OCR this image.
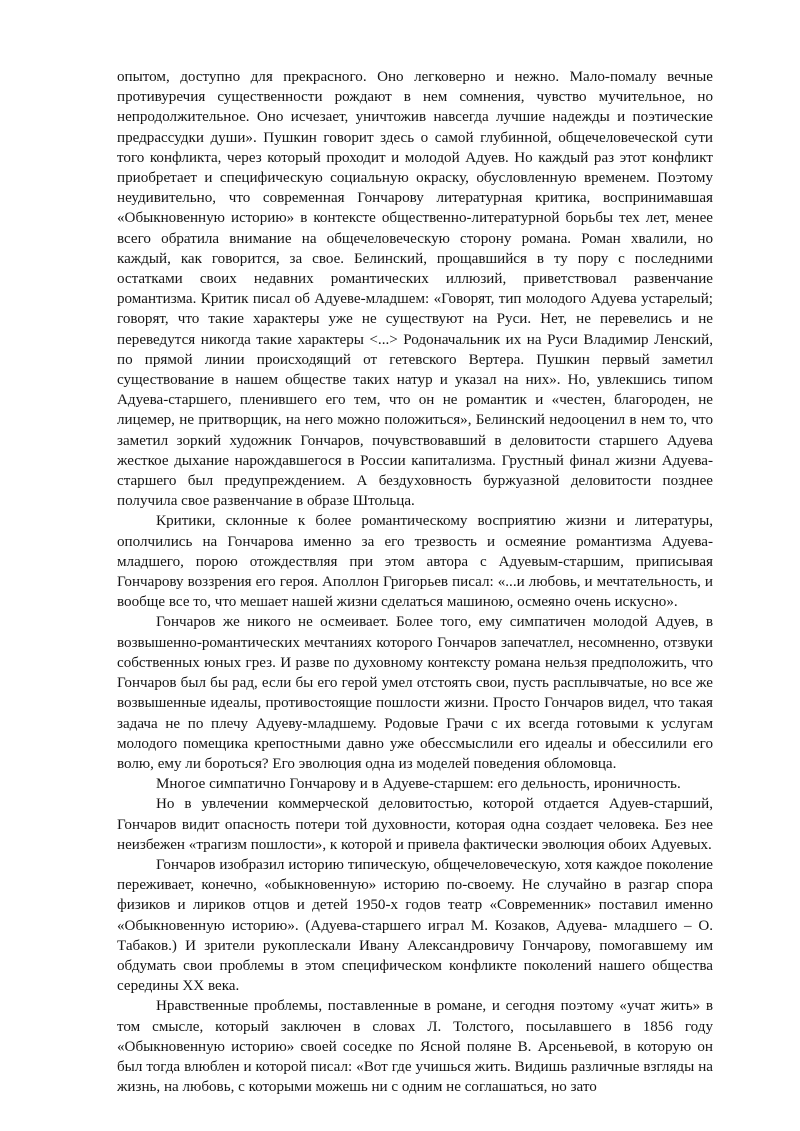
опытом, доступно для прекрасного. Оно легковерно и нежно. Мало-помалу вечные противуречия существенности рождают в нем сомнения, чувство мучительное, но непродолжительное. Оно исчезает, уничтожив навсегда лучшие надежды и поэтические предрассудки души». Пушкин говорит здесь о самой глубинной, общечеловеческой сути того конфликта, через который проходит и молодой Адуев. Но каждый раз этот конфликт приобретает и специфическую социальную окраску, обусловленную временем. Поэтому неудивительно, что современная Гончарову литературная критика, воспринимавшая «Обыкновенную историю» в контексте общественно-литературной борьбы тех лет, менее всего обратила внимание на общечеловеческую сторону романа. Роман хвалили, но каждый, как говорится, за свое. Белинский, прощавшийся в ту пору с последними остатками своих недавних романтических иллюзий, приветствовал развенчание романтизма. Критик писал об Адуеве-младшем: «Говорят, тип молодого Адуева устарелый; говорят, что такие характеры уже не существуют на Руси. Нет, не перевелись и не переведутся никогда такие характеры <...> Родоначальник их на Руси Владимир Ленский, по прямой линии происходящий от гетевского Вертера. Пушкин первый заметил существование в нашем обществе таких натур и указал на них». Но, увлекшись типом Адуева-старшего, пленившего его тем, что он не романтик и «честен, благороден, не лицемер, не притворщик, на него можно положиться», Белинский недооценил в нем то, что заметил зоркий художник Гончаров, почувствовавший в деловитости старшего Адуева жесткое дыхание нарождавшегося в России капитализма. Грустный финал жизни Адуева-старшего был предупреждением. А бездуховность буржуазной деловитости позднее получила свое развенчание в образе Штольца.

Критики, склонные к более романтическому восприятию жизни и литературы, ополчились на Гончарова именно за его трезвость и осмеяние романтизма Адуева-младшего, порою отождествляя при этом автора с Адуевым-старшим, приписывая Гончарову воззрения его героя. Аполлон Григорьев писал: «...и любовь, и мечтательность, и вообще все то, что мешает нашей жизни сделаться машиною, осмеяно очень искусно».

Гончаров же никого не осмеивает. Более того, ему симпатичен молодой Адуев, в возвышенно-романтических мечтаниях которого Гончаров запечатлел, несомненно, отзвуки собственных юных грез. И разве по духовному контексту романа нельзя предположить, что Гончаров был бы рад, если бы его герой умел отстоять свои, пусть расплывчатые, но все же возвышенные идеалы, противостоящие пошлости жизни. Просто Гончаров видел, что такая задача не по плечу Адуеву-младшему. Родовые Грачи с их всегда готовыми к услугам молодого помещика крепостными давно уже обессмыслили его идеалы и обессилили его волю, ему ли бороться? Его эволюция одна из моделей поведения обломовца.

Многое симпатично Гончарову и в Адуеве-старшем: его дельность, ироничность.

Но в увлечении коммерческой деловитостью, которой отдается Адуев-старший, Гончаров видит опасность потери той духовности, которая одна создает человека. Без нее неизбежен «трагизм пошлости», к которой и привела фактически эволюция обоих Адуевых.

Гончаров изобразил историю типическую, общечеловеческую, хотя каждое поколение переживает, конечно, «обыкновенную» историю по-своему. Не случайно в разгар спора физиков и лириков отцов и детей 1950-х годов театр «Современник» поставил именно «Обыкновенную историю». (Адуева-старшего играл М. Козаков, Адуева- младшего – О. Табаков.) И зрители рукоплескали Ивану Александровичу Гончарову, помогавшему им обдумать свои проблемы в этом специфическом конфликте поколений нашего общества середины XX века.

Нравственные проблемы, поставленные в романе, и сегодня поэтому «учат жить» в том смысле, который заключен в словах Л. Толстого, посылавшего в 1856 году «Обыкновенную историю» своей соседке по Ясной поляне В. Арсеньевой, в которую он был тогда влюблен и которой писал: «Вот где учишься жить. Видишь различные взгляды на жизнь, на любовь, с которыми можешь ни с одним не соглашаться, но зато
